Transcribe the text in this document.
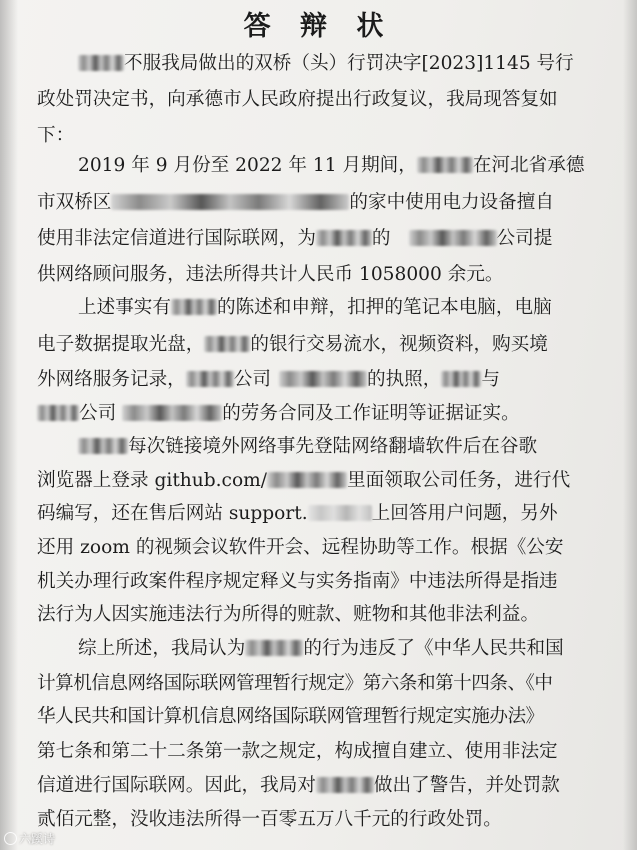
答 辩 状
不服我局做出的双桥（头）行罚决字[2023]1145 号行
政处罚决定书，向承德市人民政府提出行政复议，我局现答复如
下：
2019 年 9 月份至 2022 年 11 月期间，	在河北省承德
市双桥区	的家中使用电力设备擅自
使用非法定信道进行国际联网，为	的	公司提
供网络顾问服务，违法所得共计人民币 1058000 余元。
上述事实有 的陈述和申辩，扣押的笔记本电脑，电脑
电子数据提取光盘， 的银行交易流水，视频资料，购买境
外网络服务记录，	公司	的执照， 与
公司	的劳务合同及工作证明等证据证实。
每次链接境外网络事先登陆网络翻墙软件后在谷歌
浏览器上登录 github.com/	里面领取公司任务，进行代
码编写，还在售后网站 support.	上回答用户问题，另外
还用 zoom 的视频会议软件开会、远程协助等工作。根据《公安
机关办理行政案件程序规定释义与实务指南》中违法所得是指违
法行为人因实施违法行为所得的赃款、赃物和其他非法利益。
综上所述，我局认为	的行为违反了《中华人民共和国
计算机信息网络国际联网管理暂行规定》第六条和第十四条、《中
华人民共和国计算机信息网络国际联网管理暂行规定实施办法》
第七条和第二十二条第一款之规定，构成擅自建立、使用非法定
信道进行国际联网。因此，我局对	做出了警告，并处罚款
贰佰元整，没收违法所得一百零五万八千元的行政处罚。
六蹊诗
